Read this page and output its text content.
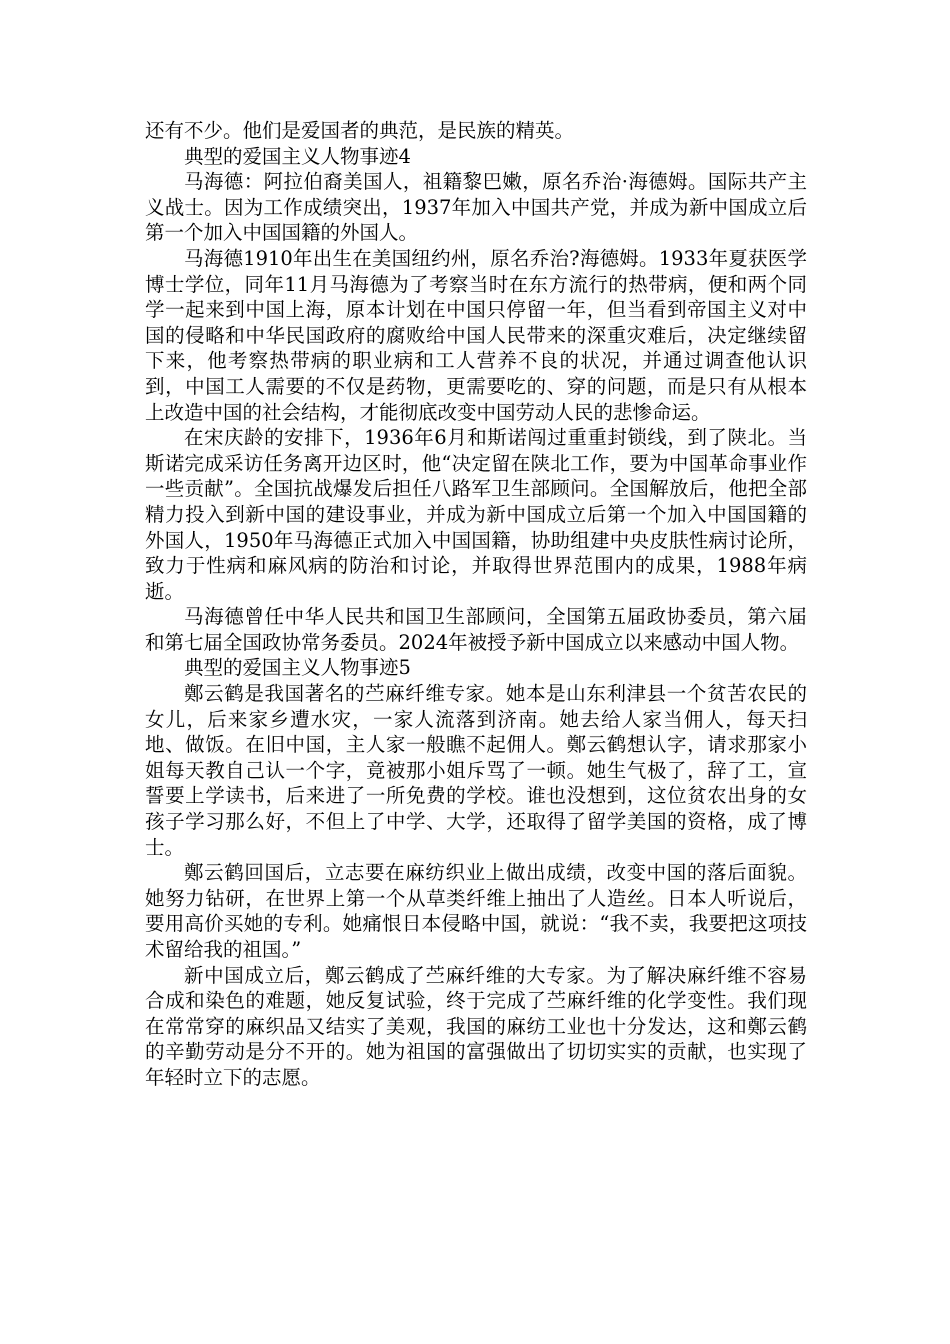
还有不少。他们是爱国者的典范，是民族的精英。

典型的爱国主义人物事迹4

马海德：阿拉伯裔美国人，祖籍黎巴嫩，原名乔治·海德姆。国际共产主义战士。因为工作成绩突出，1937年加入中国共产党，并成为新中国成立后第一个加入中国国籍的外国人。

马海德1910年出生在美国纽约州，原名乔治?海德姆。1933年夏获医学博士学位，同年11月马海德为了考察当时在东方流行的热带病，便和两个同学一起来到中国上海，原本计划在中国只停留一年，但当看到帝国主义对中国的侵略和中华民国政府的腐败给中国人民带来的深重灾难后，决定继续留下来，他考察热带病的职业病和工人营养不良的状况，并通过调查他认识到，中国工人需要的不仅是药物，更需要吃的、穿的问题，而是只有从根本上改造中国的社会结构，才能彻底改变中国劳动人民的悲惨命运。

在宋庆龄的安排下，1936年6月和斯诺闯过重重封锁线，到了陕北。当斯诺完成采访任务离开边区时，他“决定留在陕北工作，要为中国革命事业作一些贡献”。全国抗战爆发后担任八路军卫生部顾问。全国解放后，他把全部精力投入到新中国的建设事业，并成为新中国成立后第一个加入中国国籍的外国人，1950年马海德正式加入中国国籍，协助组建中央皮肤性病讨论所，致力于性病和麻风病的防治和讨论，并取得世界范围内的成果，1988年病逝。

马海德曾任中华人民共和国卫生部顾问，全国第五届政协委员，第六届和第七届全国政协常务委员。2024年被授予新中国成立以来感动中国人物。

典型的爱国主义人物事迹5

鄭云鹤是我国著名的苎麻纤维专家。她本是山东利津县一个贫苦农民的女儿，后来家乡遭水灾，一家人流落到济南。她去给人家当佣人，每天扫地、做饭。在旧中国，主人家一般瞧不起佣人。鄭云鹤想认字，请求那家小姐每天教自己认一个字，竟被那小姐斥骂了一顿。她生气极了，辞了工，宣誓要上学读书，后来进了一所免费的学校。谁也没想到，这位贫农出身的女孩子学习那么好，不但上了中学、大学，还取得了留学美国的资格，成了博士。

鄭云鹤回国后，立志要在麻纺织业上做出成绩，改变中国的落后面貌。她努力钻研，在世界上第一个从草类纤维上抽出了人造丝。日本人听说后，要用高价买她的专利。她痛恨日本侵略中国，就说：“我不卖，我要把这项技术留给我的祖国。”

新中国成立后，鄭云鹤成了苎麻纤维的大专家。为了解决麻纤维不容易合成和染色的难题，她反复试验，终于完成了苎麻纤维的化学变性。我们现在常常穿的麻织品又结实了美观，我国的麻纺工业也十分发达，这和鄭云鹤的辛勤劳动是分不开的。她为祖国的富强做出了切切实实的贡献，也实现了年轻时立下的志愿。
